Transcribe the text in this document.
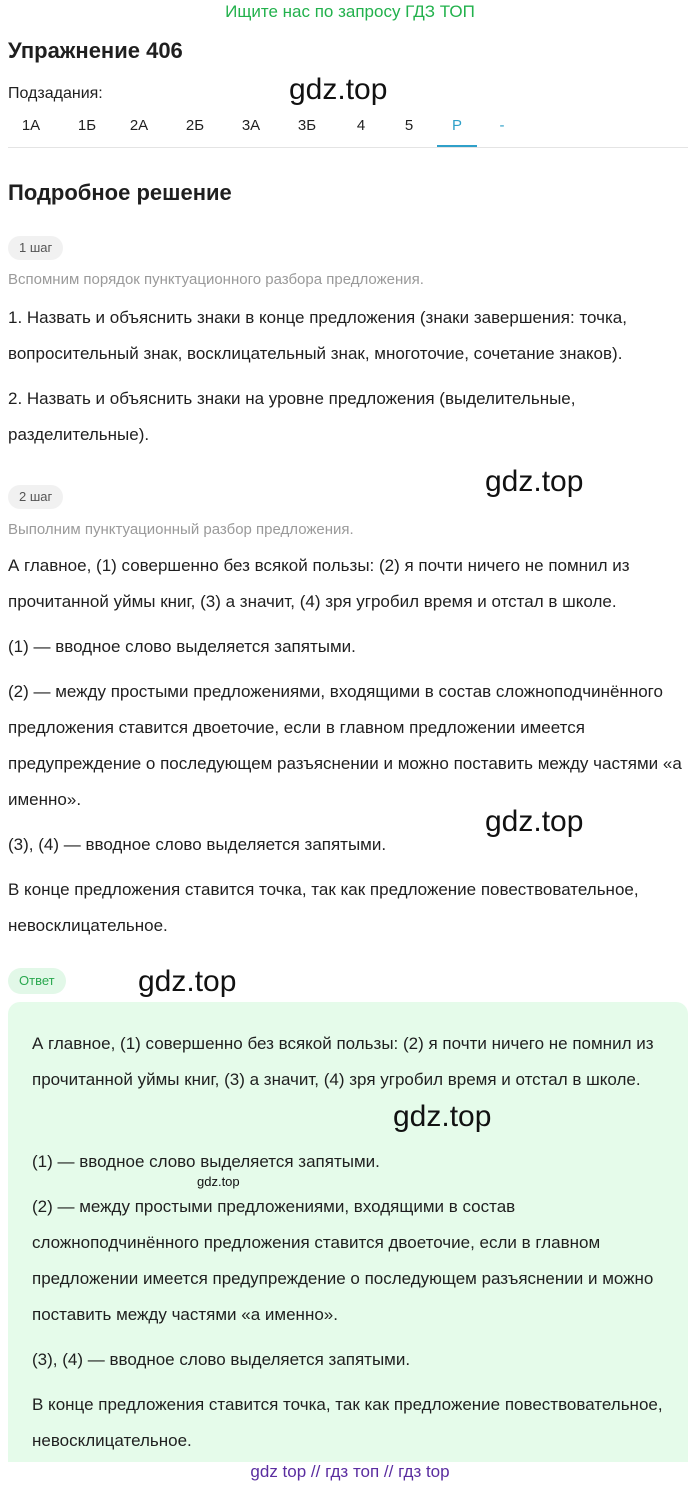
Ищите нас по запросу ГДЗ ТОП
Упражнение 406
Подзадания:	gdz.top
1А	1Б	2А	2Б	3А	3Б	4	5	Р	-
Подробное решение
1 шаг
Вспомним порядок пунктуационного разбора предложения.
1. Назвать и объяснить знаки в конце предложения (знаки завершения: точка, вопросительный знак, восклицательный знак, многоточие, сочетание знаков).
2. Назвать и объяснить знаки на уровне предложения (выделительные, разделительные).
2 шаг	gdz.top
Выполним пунктуационный разбор предложения.
А главное, (1) совершенно без всякой пользы: (2) я почти ничего не помнил из прочитанной уймы книг, (3) а значит, (4) зря угробил время и отстал в школе.
(1) — вводное слово выделяется запятыми.
(2) — между простыми предложениями, входящими в состав сложноподчинённого предложения ставится двоеточие, если в главном предложении имеется предупреждение о последующем разъяснении и можно поставить между частями «а именно».
gdz.top
(3), (4) — вводное слово выделяется запятыми.
В конце предложения ставится точка, так как предложение повествовательное, невосклицательное.
Ответ	gdz.top
А главное, (1) совершенно без всякой пользы: (2) я почти ничего не помнил из прочитанной уймы книг, (3) а значит, (4) зря угробил время и отстал в школе.
gdz.top
(1) — вводное слово выделяется запятыми.
gdz.top
(2) — между простыми предложениями, входящими в состав сложноподчинённого предложения ставится двоеточие, если в главном предложении имеется предупреждение о последующем разъяснении и можно поставить между частями «а именно».
(3), (4) — вводное слово выделяется запятыми.
В конце предложения ставится точка, так как предложение повествовательное, невосклицательное.
gdz top // гдз топ // гдз top
